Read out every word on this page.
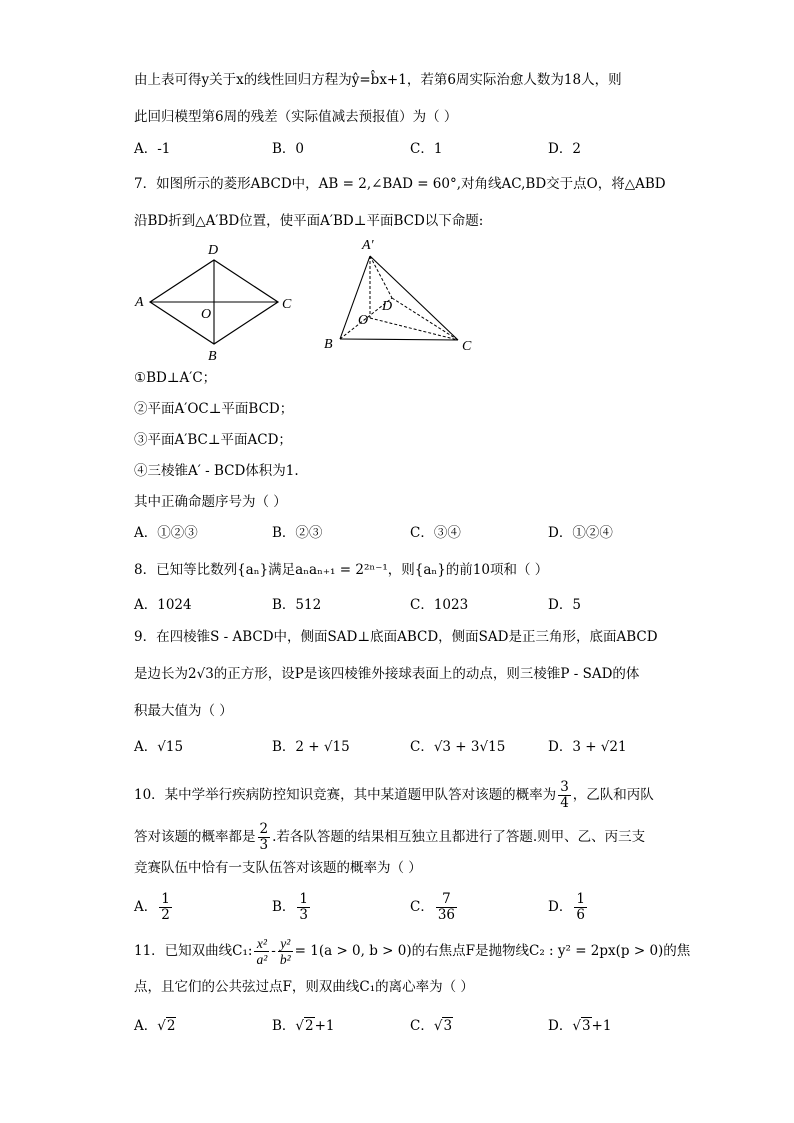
由上表可得y关于x的线性回归方程为ŷ=b̂x+1，若第6周实际治愈人数为18人，则
此回归模型第6周的残差（实际值减去预报值）为（ ）
A．-1	B．0	C．1	D．2
7．如图所示的菱形ABCD中，AB = 2,∠BAD = 60°,对角线AC,BD交于点O，将△ABD
沿BD折到△A′BD位置，使平面A′BD⊥平面BCD以下命题:
A
B
C
D
O
A′
B	C
D
O
①BD⊥A′C；
②平面A′OC⊥平面BCD；
③平面A′BC⊥平面ACD；
④三棱锥A′ - BCD体积为1.
其中正确命题序号为（ ）
A．①②③	B．②③	C．③④	D．①②④
8．已知等比数列{aₙ}满足aₙaₙ₊₁ = 2²ⁿ⁻¹，则{aₙ}的前10项和（ ）
A．1024	B．512	C．1023	D．5
9．在四棱锥S - ABCD中，侧面SAD⊥底面ABCD，侧面SAD是正三角形，底面ABCD
是边长为2√3的正方形，设P是该四棱锥外接球表面上的动点，则三棱锥P - SAD的体
积最大值为（ ）
A．√15	B．2 + √15	C．√3 + 3√15	D．3 + √21
10．某中学举行疾病防控知识竞赛，其中某道题甲队答对该题的概率为 $\frac{3}{4}$ ，乙队和丙队
答对该题的概率都是 $\frac{2}{3}$ .若各队答题的结果相互独立且都进行了答题.则甲、乙、丙三支
竞赛队伍中恰有一支队伍答对该题的概率为（ ）
A． $\frac{1}{2}$	B． $\frac{1}{3}$	C． $\frac{7}{36}$	D． $\frac{1}{6}$
11．已知双曲线C₁: $\frac{\text{x²}}{\text{a²}} - \frac{\text{y²}}{\text{b²}} = 1(a > 0$, b > 0)的右焦点F是抛物线C₂ : y² = 2px(p > 0)的焦
点，且它们的公共弦过点F，则双曲线C₁的离心率为（ ）
A．√2	B．√2+1	C．√3	D．√3+1
